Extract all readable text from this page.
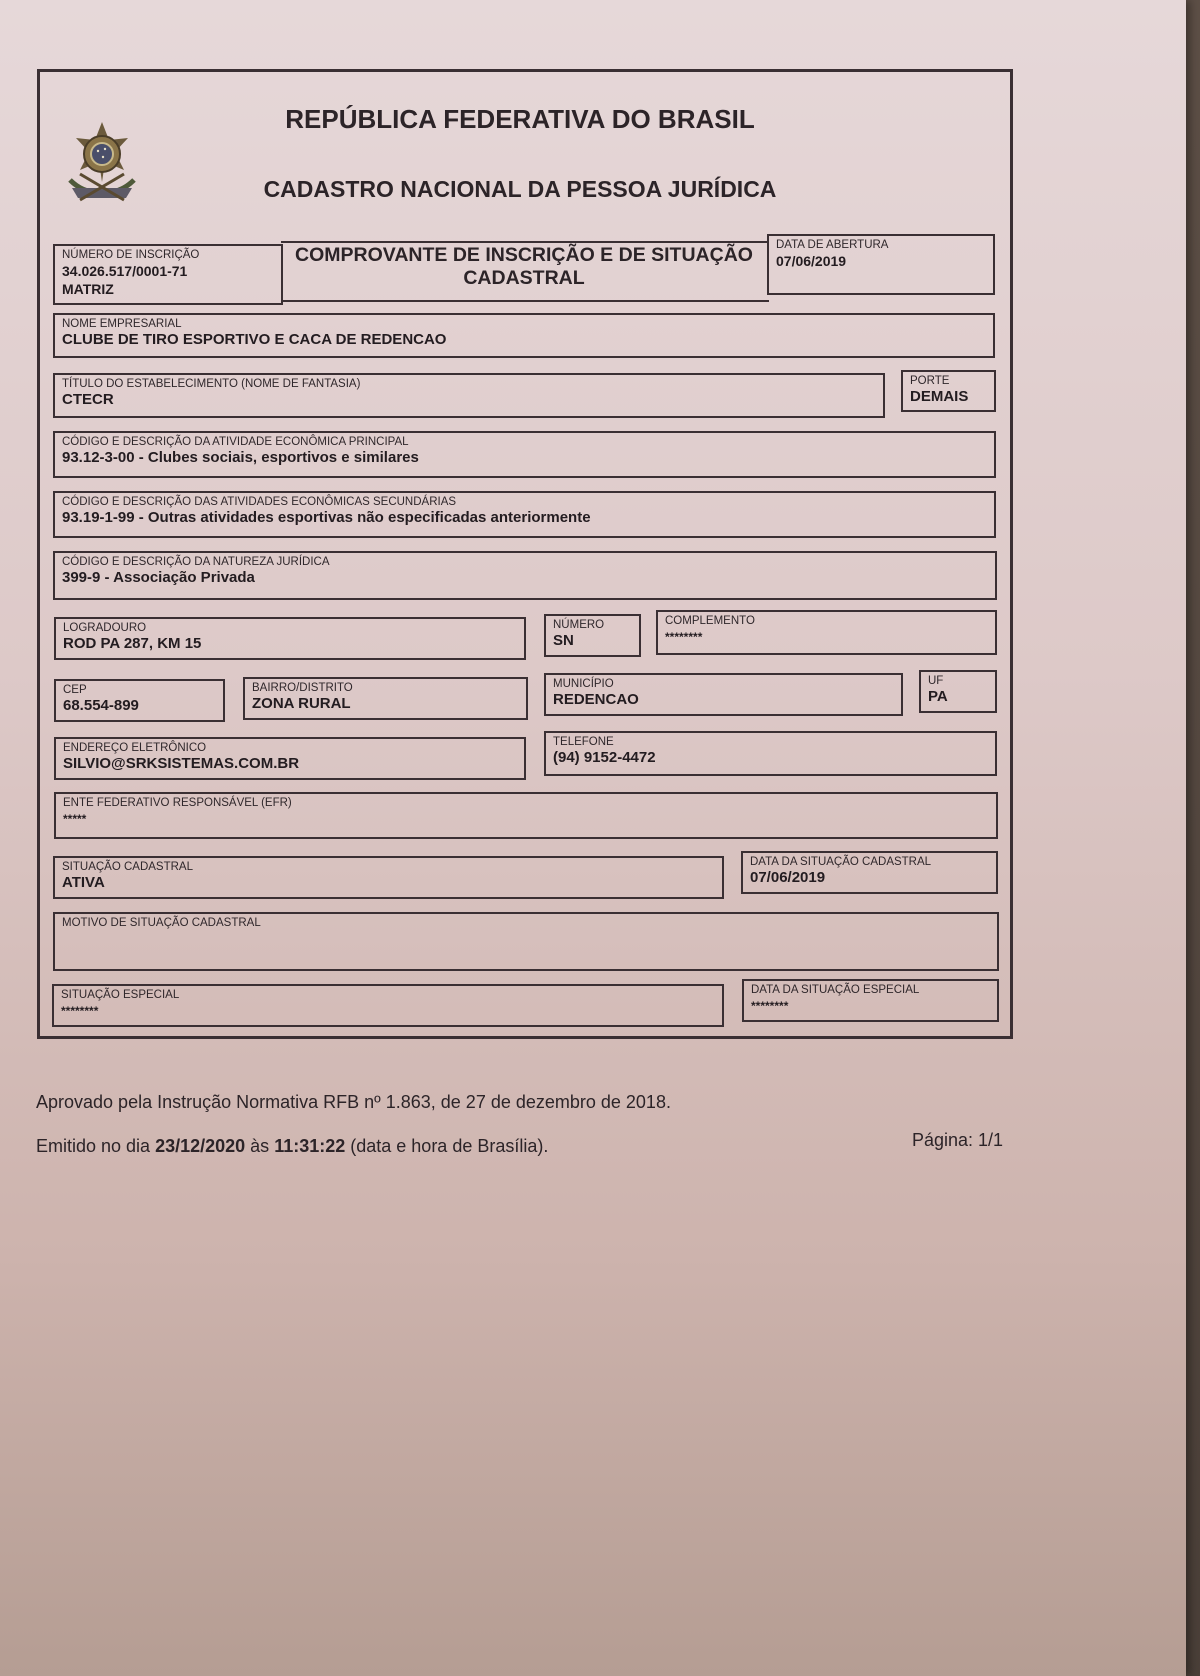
REPÚBLICA FEDERATIVA DO BRASIL
CADASTRO NACIONAL DA PESSOA JURÍDICA
NÚMERO DE INSCRIÇÃO
34.026.517/0001-71
MATRIZ
COMPROVANTE DE INSCRIÇÃO E DE SITUAÇÃO CADASTRAL
DATA DE ABERTURA
07/06/2019
NOME EMPRESARIAL
CLUBE DE TIRO ESPORTIVO E CACA DE REDENCAO
TÍTULO DO ESTABELECIMENTO (NOME DE FANTASIA)
CTECR
PORTE
DEMAIS
CÓDIGO E DESCRIÇÃO DA ATIVIDADE ECONÔMICA PRINCIPAL
93.12-3-00 - Clubes sociais, esportivos e similares
CÓDIGO E DESCRIÇÃO DAS ATIVIDADES ECONÔMICAS SECUNDÁRIAS
93.19-1-99 - Outras atividades esportivas não especificadas anteriormente
CÓDIGO E DESCRIÇÃO DA NATUREZA JURÍDICA
399-9 - Associação Privada
LOGRADOURO
ROD PA 287, KM 15
NÚMERO
SN
COMPLEMENTO
********
CEP
68.554-899
BAIRRO/DISTRITO
ZONA RURAL
MUNICÍPIO
REDENCAO
UF
PA
ENDEREÇO ELETRÔNICO
SILVIO@SRKSISTEMAS.COM.BR
TELEFONE
(94) 9152-4472
ENTE FEDERATIVO RESPONSÁVEL (EFR)
*****
SITUAÇÃO CADASTRAL
ATIVA
DATA DA SITUAÇÃO CADASTRAL
07/06/2019
MOTIVO DE SITUAÇÃO CADASTRAL
SITUAÇÃO ESPECIAL
********
DATA DA SITUAÇÃO ESPECIAL
********
Aprovado pela Instrução Normativa RFB nº 1.863, de 27 de dezembro de 2018.
Emitido no dia 23/12/2020 às 11:31:22 (data e hora de Brasília).	Página: 1/1
